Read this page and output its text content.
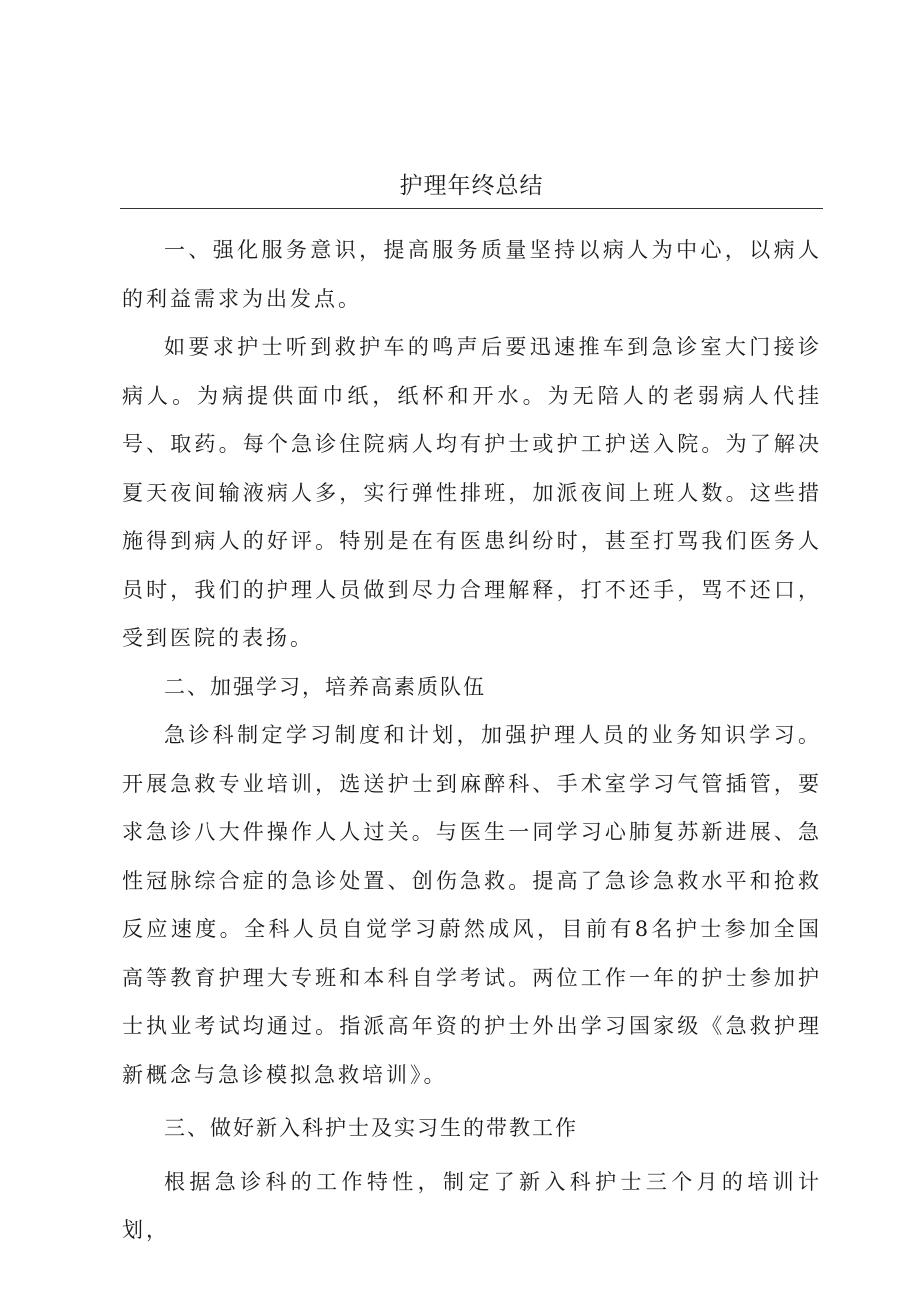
护理年终总结

一、强化服务意识，提高服务质量坚持以病人为中心，以病人的利益需求为出发点。

如要求护士听到救护车的鸣声后要迅速推车到急诊室大门接诊病人。为病提供面巾纸，纸杯和开水。为无陪人的老弱病人代挂号、取药。每个急诊住院病人均有护士或护工护送入院。为了解决夏天夜间输液病人多，实行弹性排班，加派夜间上班人数。这些措施得到病人的好评。特别是在有医患纠纷时，甚至打骂我们医务人员时，我们的护理人员做到尽力合理解释，打不还手，骂不还口，受到医院的表扬。

二、加强学习，培养高素质队伍

急诊科制定学习制度和计划，加强护理人员的业务知识学习。开展急救专业培训，选送护士到麻醉科、手术室学习气管插管，要求急诊八大件操作人人过关。与医生一同学习心肺复苏新进展、急性冠脉综合症的急诊处置、创伤急救。提高了急诊急救水平和抢救反应速度。全科人员自觉学习蔚然成风，目前有8名护士参加全国高等教育护理大专班和本科自学考试。两位工作一年的护士参加护士执业考试均通过。指派高年资的护士外出学习国家级《急救护理新概念与急诊模拟急救培训》。

三、做好新入科护士及实习生的带教工作

根据急诊科的工作特性，制定了新入科护士三个月的培训计划，
